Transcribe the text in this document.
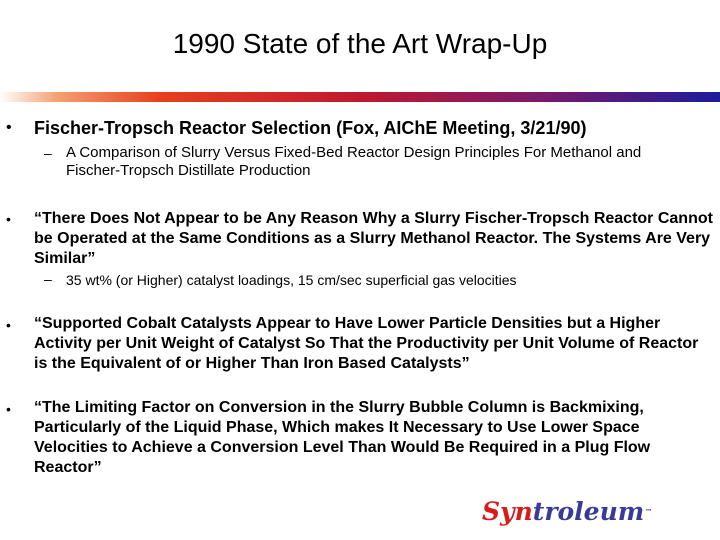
1990 State of the Art Wrap-Up
•	Fischer-Tropsch Reactor Selection (Fox, AIChE Meeting, 3/21/90)
– A Comparison of Slurry Versus Fixed-Bed Reactor Design Principles For Methanol and Fischer-Tropsch Distillate Production
•	“There Does Not Appear to be Any Reason Why a Slurry Fischer-Tropsch Reactor Cannot be Operated at the Same Conditions as a Slurry Methanol Reactor. The Systems Are Very Similar”
– 35 wt% (or Higher) catalyst loadings, 15 cm/sec superficial gas velocities
•	“Supported Cobalt Catalysts Appear to Have Lower Particle Densities but a Higher Activity per Unit Weight of Catalyst So That the Productivity per Unit Volume of Reactor is the Equivalent of or Higher Than Iron Based Catalysts”
•	“The Limiting Factor on Conversion in the Slurry Bubble Column is Backmixing, Particularly of the Liquid Phase, Which makes It Necessary to Use Lower Space Velocities to Achieve a Conversion Level Than Would Be Required in a Plug Flow Reactor”
Syntroleum™
